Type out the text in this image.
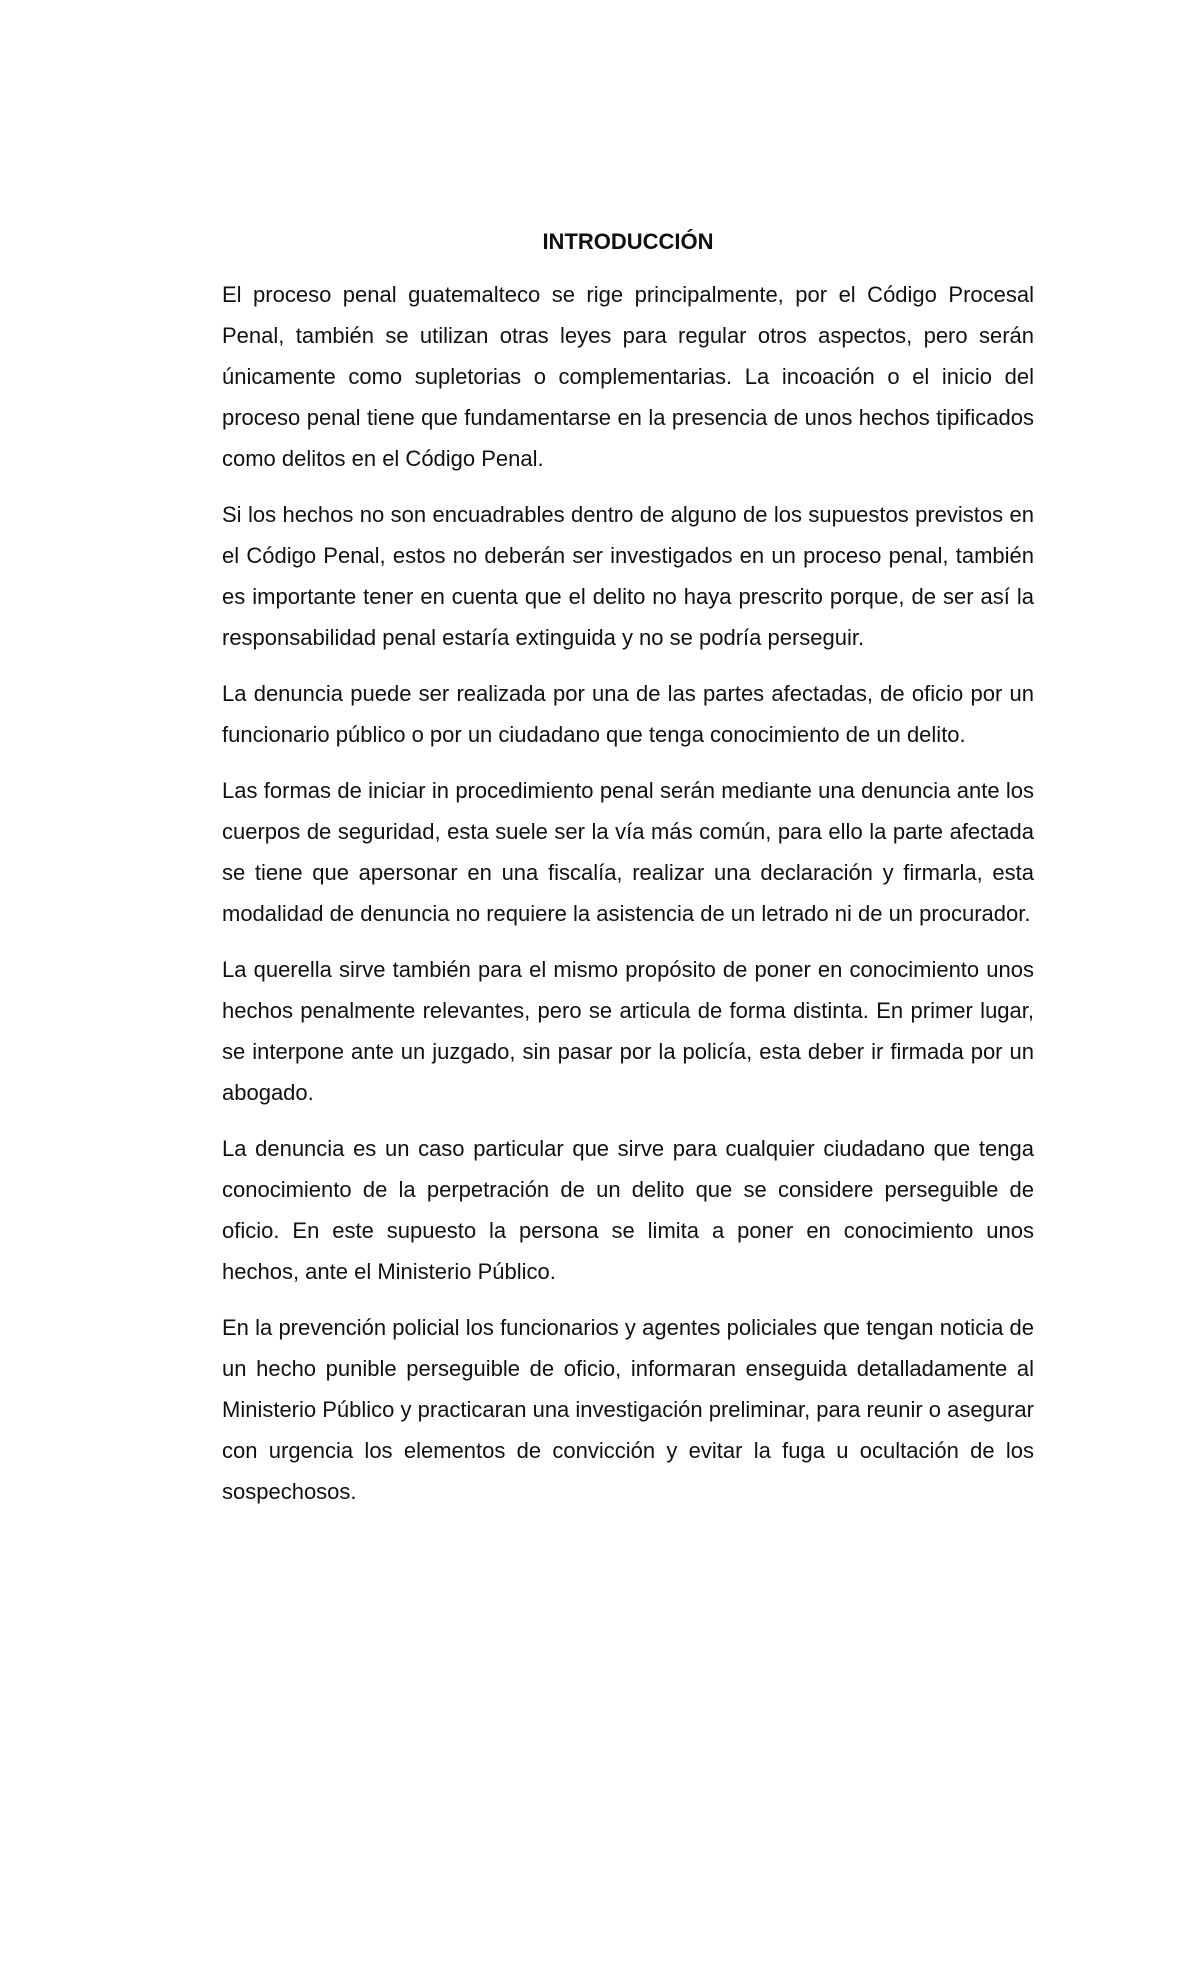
INTRODUCCIÓN

El proceso penal guatemalteco se rige principalmente, por el Código Procesal Penal, también se utilizan otras leyes para regular otros aspectos, pero serán únicamente como supletorias o complementarias. La incoación o el inicio del proceso penal tiene que fundamentarse en la presencia de unos hechos tipificados como delitos en el Código Penal.

Si los hechos no son encuadrables dentro de alguno de los supuestos previstos en el Código Penal, estos no deberán ser investigados en un proceso penal, también es importante tener en cuenta que el delito no haya prescrito porque, de ser así la responsabilidad penal estaría extinguida y no se podría perseguir.

La denuncia puede ser realizada por una de las partes afectadas, de oficio por un funcionario público o por un ciudadano que tenga conocimiento de un delito.

Las formas de iniciar in procedimiento penal serán mediante una denuncia ante los cuerpos de seguridad, esta suele ser la vía más común, para ello la parte afectada se tiene que apersonar en una fiscalía, realizar una declaración y firmarla, esta modalidad de denuncia no requiere la asistencia de un letrado ni de un procurador.

La querella sirve también para el mismo propósito de poner en conocimiento unos hechos penalmente relevantes, pero se articula de forma distinta. En primer lugar, se interpone ante un juzgado, sin pasar por la policía, esta deber ir firmada por un abogado.

La denuncia es un caso particular que sirve para cualquier ciudadano que tenga conocimiento de la perpetración de un delito que se considere perseguible de oficio. En este supuesto la persona se limita a poner en conocimiento unos hechos, ante el Ministerio Público.

En la prevención policial los funcionarios y agentes policiales que tengan noticia de un hecho punible perseguible de oficio, informaran enseguida detalladamente al Ministerio Público y practicaran una investigación preliminar, para reunir o asegurar con urgencia los elementos de convicción y evitar la fuga u ocultación de los sospechosos.
